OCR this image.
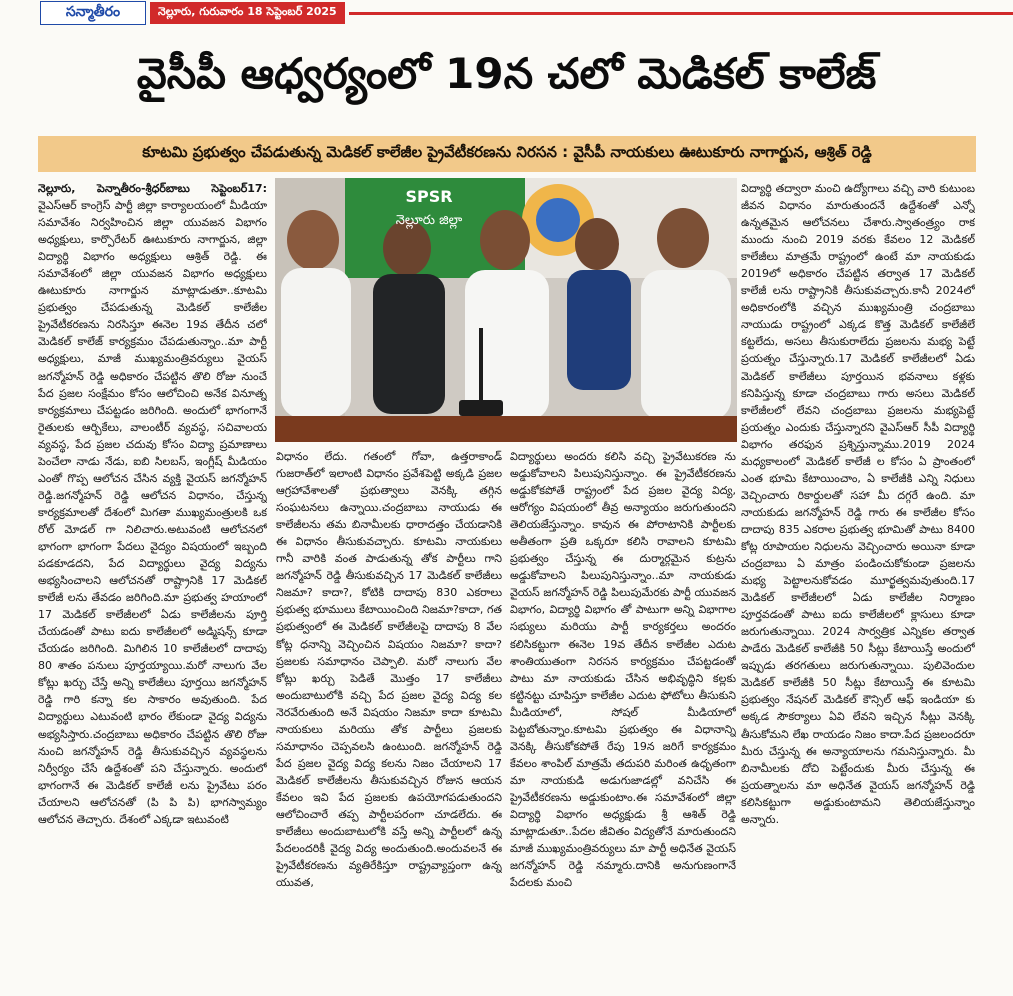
సన్మాతీరం	నెల్లూరు, గురువారం 18 సెప్టెంబర్ 2025
వైసీపీ ఆధ్వర్యంలో 19న చలో మెడికల్ కాలేజ్
కూటమి ప్రభుత్వం చేపడుతున్న మెడికల్ కాలేజీల ప్రైవేటీకరణను నిరసన : వైసీపీ నాయకులు ఊటుకూరు నాగార్జున, ఆశ్రిత్ రెడ్డి

నెల్లూరు, పెన్నాతీరం-శ్రీధర్‌బాబు సెప్టెంబర్17: వైఎస్ఆర్ కాంగ్రెస్ పార్టీ జిల్లా కార్యాలయంలో మీడియా సమావేశం నిర్వహించిన జిల్లా యువజన విభాగం అధ్యక్షులు, కార్పొరేటర్ ఊటుకూరు నాగార్జున, జిల్లా విద్యార్థి విభాగం అధ్యక్షులు ఆశ్రిత్ రెడ్డి. ఈ సమావేశంలో జిల్లా యువజన విభాగం అధ్యక్షులు ఊటుకూరు నాగార్జున మాట్లాడుతూ..కూటమి ప్రభుత్వం చేపడుతున్న మెడికల్ కాలేజీల ప్రైవేటీకరణను నిరసిస్తూ ఈనెల 19వ తేదీన చలో మెడికల్ కాలేజ్ కార్యక్రమం చేపడుతున్నాం..మా పార్టీ అధ్యక్షులు, మాజీ ముఖ్యమంత్రివర్యులు వైయస్ జగన్మోహన్ రెడ్డి అధికారం చేపట్టిన తొలి రోజు నుంచే పేద ప్రజల సంక్షేమం కోసం ఆలోచించి అనేక వినూత్న కార్యక్రమాలు చేపట్టడం జరిగింది. అందులో భాగంగానే రైతులకు ఆర్బికేలు, వాలంటీర్ వ్యవస్థ, సచివాలయ వ్యవస్థ, పేద ప్రజల చదువు కోసం విద్యా ప్రమాణాలు పెంచేలా నాడు నేడు, ఐబి సిలబస్, ఇంగ్లీష్ మీడియం ఎంతో గొప్ప ఆలోచన చేసిన వ్యక్తి వైయస్ జగన్మోహన్ రెడ్డి.జగన్మోహన్ రెడ్డి ఆలోచన విధానం, చేస్తున్న కార్యక్రమాలతో దేశంలో మిగతా ముఖ్యమంత్రులకి ఒక రోల్ మోడల్ గా నిలిచారు.అటువంటి ఆలోచనలో భాగంగా భాగంగా పేదలు వైద్యం విషయంలో ఇబ్బంది పడకూడదని, పేద విద్యార్థులు వైద్య విద్యను అభ్యసించాలని ఆలోచనతో రాష్ట్రానికి 17 మెడికల్ కాలేజీ లను తేవడం జరిగింది.మా ప్రభుత్వ హయాంలో 17 మెడికల్ కాలేజీలలో ఏడు కాలేజీలను పూర్తి చేయడంతో పాటు ఐదు కాలేజీలలో అడ్మిషన్స్ కూడా చేయడం జరిగింది. మిగిలిన 10 కాలేజీలలో దాదాపు 80 శాతం పనులు పూర్తయ్యాయి.మరో నాలుగు వేల కోట్లు ఖర్చు చేస్తే అన్ని కాలేజీలు పూర్తయి జగన్మోహన్ రెడ్డి గారి కన్నా కల సాకారం అవుతుంది. పేద విద్యార్థులు ఎటువంటి భారం లేకుండా వైద్య విద్యను అభ్యసిస్తారు.చంద్రబాబు అధికారం చేపట్టిన తొలి రోజు నుంచి జగన్మోహన్ రెడ్డి తీసుకువచ్చిన వ్యవస్థలను నిర్వీర్యం చేసే ఉద్దేశంతో పని చేస్తున్నారు. అందులో భాగంగానే ఈ మెడికల్ కాలేజీ లను ప్రైవేటు పరం చేయాలని ఆలోచనతో (పి పి పి) భాగస్వామ్యం ఆలోచన తెచ్చారు. దేశంలో ఎక్కడా ఇటువంటి

SPSR
నెల్లూరు జిల్లా

విధానం లేదు. గతంలో గోవా, ఉత్తరాకాండ్ గుజరాత్‌లో ఇలాంటి విధానం ప్రవేశపెట్టి అక్కడి ప్రజల ఆగ్రహావేశాలతో ప్రభుత్వాలు వెనక్కి తగ్గిన సంఘటనలు ఉన్నాయి.చంద్రబాబు నాయుడు ఈ కాలేజీలను తమ బినామీలకు ధారాదత్తం చేయడానికి ఈ విధానం తీసుకువచ్చారు. కూటమి నాయకులు గానీ వారికి వంత పాడుతున్న తోక పార్టీలు గాని జగన్మోహన్ రెడ్డి తీసుకువచ్చిన 17 మెడికల్ కాలేజీలు నిజమా? కాదా?, కోటికి దాదాపు 830 ఎకరాలు ప్రభుత్వ భూములు కేటాయించింది నిజమా?కాదా, గత ప్రభుత్వంలో ఈ మెడికల్ కాలేజీలపై దాదాపు 8 వేల కోట్ల ధనాన్ని వెచ్చించిన విషయం నిజమా? కాదా? ప్రజలకు సమాధానం చెప్పాలి. మరో నాలుగు వేల కోట్లు ఖర్చు పెడితే మొత్తం 17 కాలేజీలు అందుబాటులోకి వచ్చి పేద ప్రజల వైద్య విద్య కల నెరవేరుతుంది అనే విషయం నిజమా కాదా కూటమి నాయకులు మరియు తోక పార్టీలు ప్రజలకు సమాధానం చెప్పవలసి ఉంటుంది. జగన్మోహన్ రెడ్డి పేద ప్రజల వైద్య విద్య కలను నిజం చేయాలని 17 మెడికల్ కాలేజీలను తీసుకువచ్చిన రోజున ఆయన కేవలం ఇవి పేద ప్రజలకు ఉపయోగపడుతుందని ఆలోచించారే తప్ప పార్టీలపరంగా చూడలేదు. ఈ కాలేజీలు అందుబాటులోకి వస్తే అన్ని పార్టీలలో ఉన్న పేదలందరికీ వైద్య విద్య అందుతుంది.అందువలనే ఈ ప్రైవేటీకరణను వ్యతిరేకిస్తూ రాష్ట్రవ్యాప్తంగా ఉన్న యువత,

విద్యార్థులు అందరు కలిసి వచ్చి ప్రైవేటుకరణ ను అడ్డుకోవాలని పిలుపునిస్తున్నాం. ఈ ప్రైవేటీకరణను అడ్డుకోకపోతే రాష్ట్రంలో పేద ప్రజల వైద్య విద్య, ఆరోగ్యం విషయంలో తీవ్ర అన్యాయం జరుగుతుందని తెలియజేస్తున్నాం. కావున ఈ పోరాటానికి పార్టీలకు అతీతంగా ప్రతి ఒక్కరూ కలిసి రావాలని కూటమి ప్రభుత్వం చేస్తున్న ఈ దుర్మార్గమైన కుట్రను అడ్డుకోవాలని పిలుపునిస్తున్నాం..మా నాయకుడు వైయస్ జగన్మోహన్ రెడ్డి పిలుపుమేరకు పార్టీ యువజన విభాగం, విద్యార్థి విభాగం తో పాటుగా అన్ని విభాగాల సభ్యులు మరియు పార్టీ కార్యకర్తలు అందరం కలిసికట్టుగా ఈనెల 19వ తేదీన కాలేజీల ఎదుట శాంతియుతంగా నిరసన కార్యక్రమం చేపట్టడంతో పాటు మా నాయకుడు చేసిన అభివృద్ధిని కల్లకు కట్టినట్టు చూపిస్తూ కాలేజీల ఎదుట ఫోటోలు తీసుకుని మీడియాలో, సోషల్ మీడియాలో పెట్టబోతున్నాం.కూటమి ప్రభుత్వం ఈ విధానాన్ని వెనక్కి తీసుకోకపోతే రేపు 19న జరిగే కార్యక్రమం కేవలం శాంపిల్ మాత్రమే తదుపరి మరింత ఉధృతంగా మా నాయకుడి అడుగుజాడల్లో వనిచేసి ఈ ప్రైవేటీకరణను అడ్డుకుంటాం.ఈ సమావేశంలో జిల్లా విద్యార్థి విభాగం అధ్యక్షుడు శ్రీ ఆశిత్ రెడ్డి మాట్లాడుతూ..పేదల జీవితం విద్యతోనే మారుతుందని మాజీ ముఖ్యమంత్రివర్యులు మా పార్టీ అధినేత వైయస్ జగన్మోహన్ రెడ్డి నమ్మారు.దానికి అనుగుణంగానే పేదలకు మంచి

విద్యార్థి తద్వారా మంచి ఉద్యోగాలు వచ్చి వారి కుటుంబ జీవన విధానం మారుతుందనే ఉద్దేశంతో ఎన్నో ఉన్నతమైన ఆలోచనలు చేశారు.స్వాతంత్ర్యం రాక ముందు నుంచి 2019 వరకు కేవలం 12 మెడికల్ కాలేజీలు మాత్రమే రాష్ట్రంలో ఉంటే మా నాయకుడు 2019లో అధికారం చేపట్టిన తర్వాత 17 మెడికల్ కాలేజీ లను రాష్ట్రానికి తీసుకువచ్చారు.కానీ 2024లో అధికారంలోకి వచ్చిన ముఖ్యమంత్రి చంద్రబాబు నాయుడు రాష్ట్రంలో ఎక్కడ కొత్త మెడికల్ కాలేజీలే కట్టలేదు, అసలు తీసుకురాలేదు ప్రజలను మభ్య పెట్టే ప్రయత్నం చేస్తున్నారు.17 మెడికల్ కాలేజీలలో ఏడు మెడికల్ కాలేజీలు పూర్తయిన భవనాలు కళ్లకు కనిపిస్తున్న కూడా చంద్రబాబు గారు అసలు మెడికల్ కాలేజీలలో లేవని చంద్రబాబు ప్రజలను మభ్యపెట్టే ప్రయత్నం ఎందుకు చేస్తున్నారని వైఎస్ఆర్ సీపీ విద్యార్థి విభాగం తరఫున ప్రశ్నిస్తున్నాము.2019 2024 మధ్యకాలంలో మెడికల్ కాలేజీ ల కోసం ఏ ప్రాంతంలో ఎంత భూమి కేటాయించాం, ఏ కాలేజీకి ఎన్ని నిధులు వెచ్చించారు రికార్డులతో సహా మీ దగ్గరే ఉంది. మా నాయకుడు జగన్మోహన్ రెడ్డి గారు ఈ కాలేజీల కోసం దాదాపు 835 ఎకరాల ప్రభుత్వ భూమితో పాటు 8400 కోట్ల రూపాయల నిధులను వెచ్చించారు అయినా కూడా చంద్రబాబు ఏ మాత్రం పండించుకోకుండా ప్రజలను మభ్య పెట్టాలనుకోవడం మూర్ఖత్వమవుతుంది.17 మెడికల్ కాలేజీలలో ఏడు కాలేజీల నిర్మాణం పూర్తవడంతో పాటు ఐదు కాలేజీలలో క్లాసులు కూడా జరుగుతున్నాయి. 2024 సార్వత్రిక ఎన్నికల తర్వాత పాడేరు మెడికల్ కాలేజీకి 50 సీట్లు కేటాయిస్తే అందులో ఇప్పుడు తరగతులు జరుగుతున్నాయి. పులివెందుల మెడికల్ కాలేజీకి 50 సీట్లు కేటాయిస్తే ఈ కూటమి ప్రభుత్వం నేషనల్ మెడికల్ కౌన్సిల్ ఆఫ్ ఇండియా కు అక్కడ సౌకర్యాలు ఏవి లేవని ఇచ్చిన సీట్లు వెనక్కి తీసుకోమని లేఖ రాయడం నిజం కాదా.పేద ప్రజలందరూ మీరు చేస్తున్న ఈ అన్యాయాలను గమనిస్తున్నారు. మీ బినామీలకు దోచి పెట్టేందుకు మీరు చేస్తున్న ఈ ప్రయత్నాలను మా అధినేత వైయస్ జగన్మోహన్ రెడ్డి కలిసికట్టుగా అడ్డుకుంటామని తెలియజేస్తున్నాం అన్నారు.
